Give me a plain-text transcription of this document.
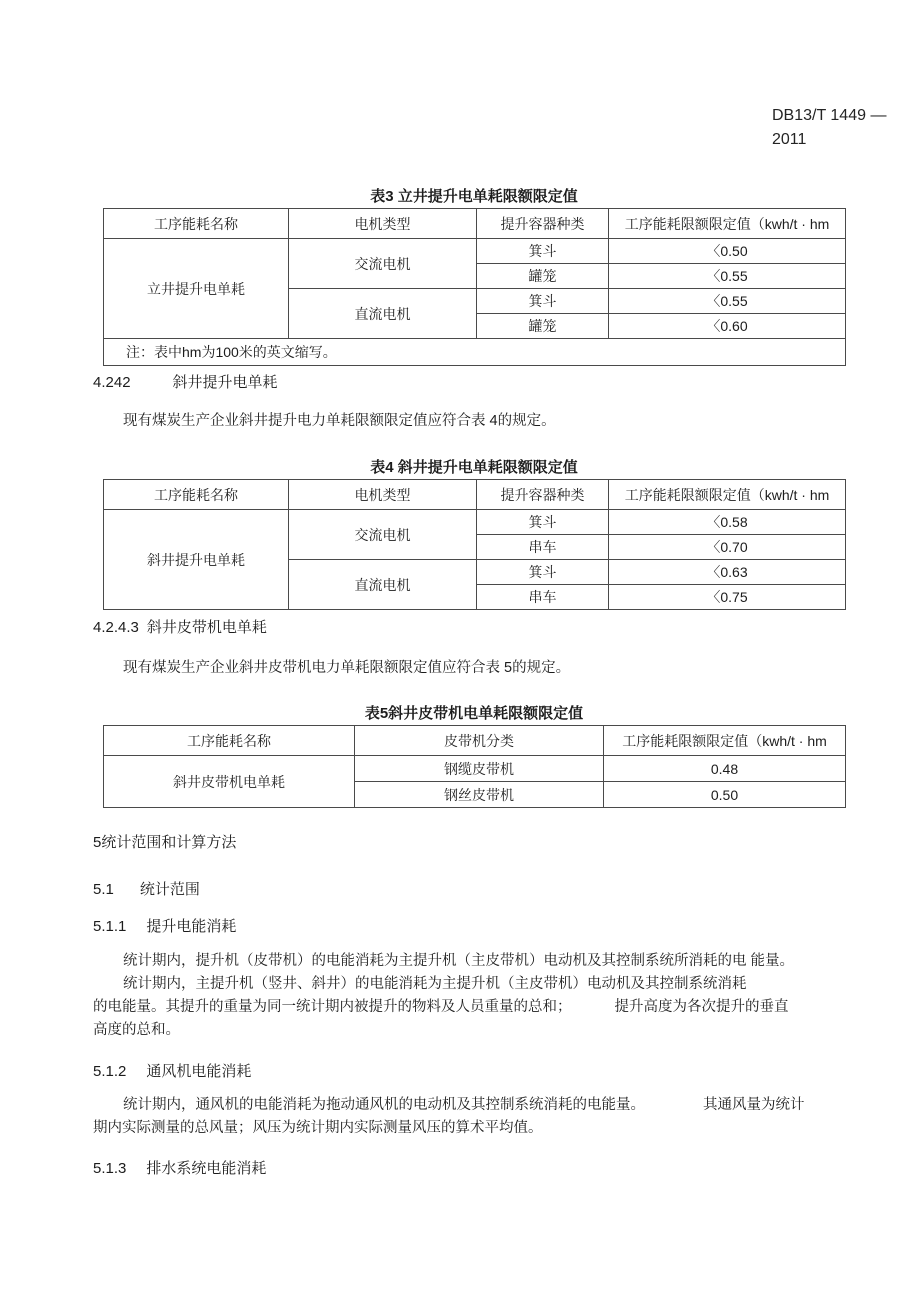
DB13/T 1449 —
2011
表3 立井提升电单耗限额限定值
工序能耗名称	电机类型	提升容器种类	工序能耗限额限定值（kwh/t · hm
立井提升电单耗	交流电机	箕斗	〈0.50
		罐笼	〈0.55
	直流电机	箕斗	〈0.55
		罐笼	〈0.60
注：表中hm为100米的英文缩写。			
4.242	斜井提升电单耗
现有煤炭生产企业斜井提升电力单耗限额限定值应符合表 4的规定。
表4 斜井提升电单耗限额限定值
工序能耗名称	电机类型	提升容器种类	工序能耗限额限定值（kwh/t · hm
斜井提升电单耗	交流电机	箕斗	〈0.58
		串车	〈0.70
	直流电机	箕斗	〈0.63
		串车	〈0.75
4.2.4.3 斜井皮带机电单耗
现有煤炭生产企业斜井皮带机电力单耗限额限定值应符合表 5的规定。
表5斜井皮带机电单耗限额限定值
工序能耗名称	皮带机分类	工序能耗限额限定值（kwh/t · hm
斜井皮带机电单耗	钢缆皮带机	0.48
	钢丝皮带机	0.50
5统计范围和计算方法
5.1 统计范围
5.1.1 提升电能消耗
统计期内，提升机（皮带机）的电能消耗为主提升机（主皮带机）电动机及其控制系统所消耗的电 能量。
统计期内，主提升机（竖井、斜井）的电能消耗为主提升机（主皮带机）电动机及其控制系统消耗
的电能量。其提升的重量为同一统计期内被提升的物料及人员重量的总和；	提升高度为各次提升的垂直
高度的总和。
5.1.2 通风机电能消耗
统计期内，通风机的电能消耗为拖动通风机的电动机及其控制系统消耗的电能量。	其通风量为统计
期内实际测量的总风量；风压为统计期内实际测量风压的算术平均值。
5.1.3 排水系统电能消耗
